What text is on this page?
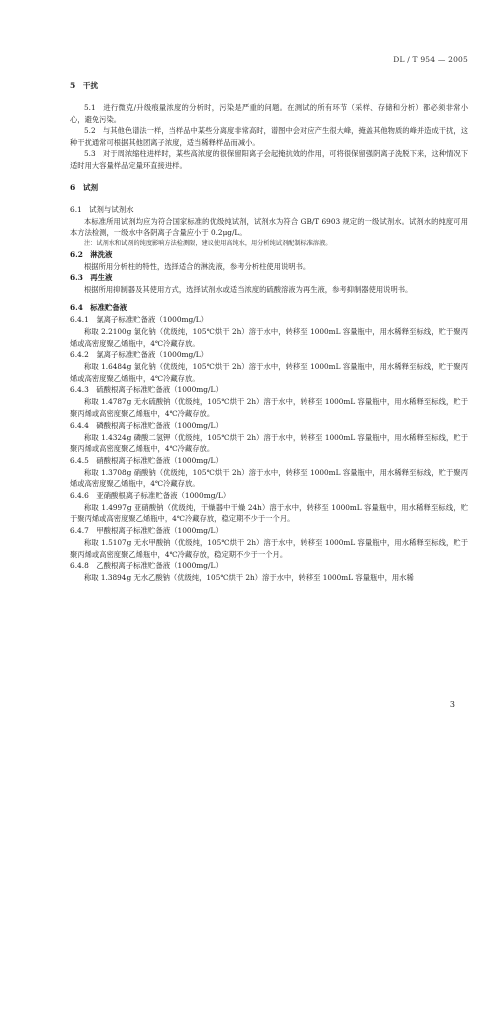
DL / T 954 — 2005

5　干扰

5.1　进行微克/升级痕量浓度的分析时，污染是严重的问题。在测试的所有环节（采样、存储和分析）都必须非常小心，避免污染。

5.2　与其他色谱法一样，当样品中某些分离度非常高时，谱图中会对应产生很大峰，掩盖其他物质的峰并造成干扰，这种干扰通常可根据其他团离子浓度，适当稀释样品而减小。

5.3　对于周浓缩柱进样时，某些高浓度的很保留阳离子会起掩抗效的作用，可将很保留强阴离子洗脱下来，这种情况下适时用大容量样品定量环直接进样。

6　试剂

6.1　试剂与试剂水

本标准所用试剂均应为符合国家标准的优级纯试剂，试剂水为符合 GB/T 6903 规定的一级试剂水。试剂水的纯度可用本方法检测，一级水中各阴离子含量应小于 0.2μg/L。

注：试剂水和试剂的纯度影响方法检测限，建议使用高纯水，用分析纯试剂配制标准溶液。

6.2　淋洗液

根据所用分析柱的特性，选择适合的淋洗液，参考分析柱使用说明书。

6.3　再生液

根据所用抑制器及其使用方式，选择试剂水或适当浓度的硫酸溶液为再生液，参考抑制器使用说明书。

6.4　标准贮备液

6.4.1　氯离子标准贮备液（1000mg/L）

称取 2.2100g 氯化钠（优级纯，105℃烘干 2h）溶于水中，转移至 1000mL 容量瓶中，用水稀释至标线，贮于聚丙烯或高密度聚乙烯瓶中，4℃冷藏存放。

6.4.2　氯离子标准贮备液（1000mg/L）

称取 1.6484g 氯化钠（优级纯，105℃烘干 2h）溶于水中，转移至 1000mL 容量瓶中，用水稀释至标线，贮于聚丙烯或高密度聚乙烯瓶中，4℃冷藏存放。

6.4.3　硫酸根离子标准贮备液（1000mg/L）

称取 1.4787g 无水硫酸钠（优级纯，105℃烘干 2h）溶于水中，转移至 1000mL 容量瓶中，用水稀释至标线，贮于聚丙烯或高密度聚乙烯瓶中，4℃冷藏存放。

6.4.4　磷酸根离子标准贮备液（1000mg/L）

称取 1.4324g 磷酸二氢钾（优级纯，105℃烘干 2h）溶于水中，转移至 1000mL 容量瓶中，用水稀释至标线，贮于聚丙烯或高密度聚乙烯瓶中，4℃冷藏存放。

6.4.5　硝酸根离子标准贮备液（1000mg/L）

称取 1.3708g 硝酸钠（优级纯，105℃烘干 2h）溶于水中，转移至 1000mL 容量瓶中，用水稀释至标线，贮于聚丙烯或高密度聚乙烯瓶中，4℃冷藏存放。

6.4.6　亚硝酸根离子标准贮备液（1000mg/L）

称取 1.4997g 亚硝酸钠（优级纯，干燥器中干燥 24h）溶于水中，转移至 1000mL 容量瓶中，用水稀释至标线，贮于聚丙烯或高密度聚乙烯瓶中，4℃冷藏存放，稳定期不少于一个月。

6.4.7　甲酸根离子标准贮备液（1000mg/L）

称取 1.5107g 无水甲酸钠（优级纯，105℃烘干 2h）溶于水中，转移至 1000mL 容量瓶中，用水稀释至标线，贮于聚丙烯或高密度聚乙烯瓶中，4℃冷藏存放，稳定期不少于一个月。

6.4.8　乙酸根离子标准贮备液（1000mg/L）

称取 1.3894g 无水乙酸钠（优级纯，105℃烘干 2h）溶于水中，转移至 1000mL 容量瓶中，用水稀

3
